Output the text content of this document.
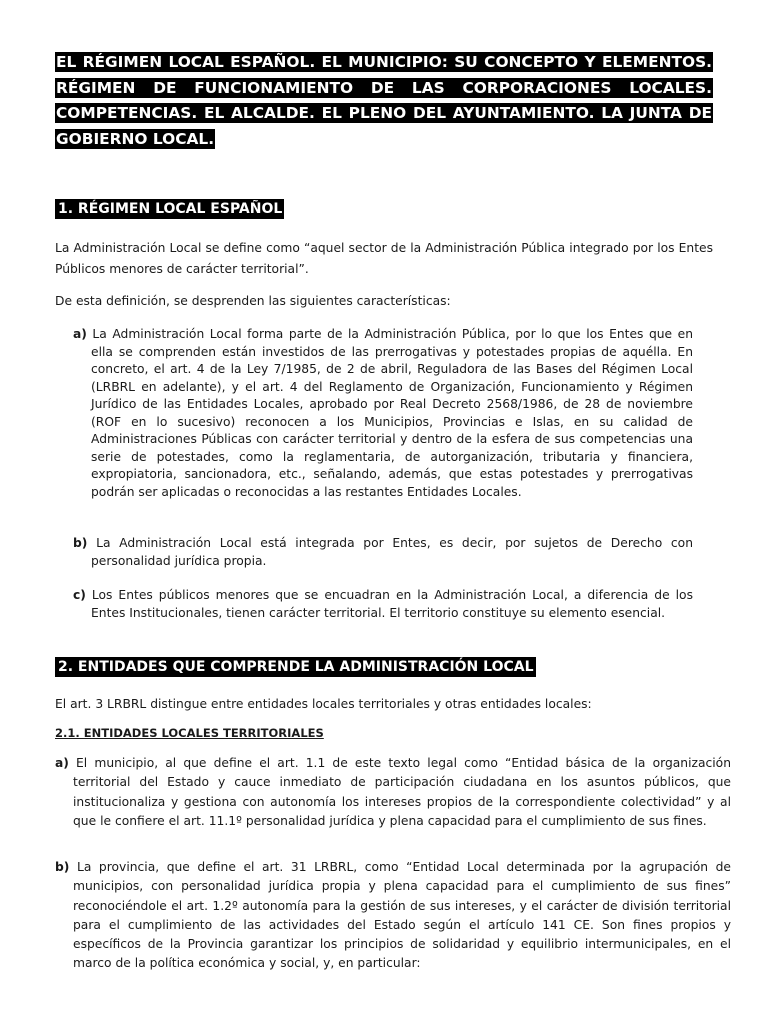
EL RÉGIMEN LOCAL ESPAÑOL. EL MUNICIPIO: SU CONCEPTO Y ELEMENTOS. RÉGIMEN DE FUNCIONAMIENTO DE LAS CORPORACIONES LOCALES. COMPETENCIAS. EL ALCALDE. EL PLENO DEL AYUNTAMIENTO. LA JUNTA DE GOBIERNO LOCAL.
1. RÉGIMEN LOCAL ESPAÑOL
La Administración Local se define como “aquel sector de la Administración Pública integrado por los Entes Públicos menores de carácter territorial”.
De esta definición, se desprenden las siguientes características:
a) La Administración Local forma parte de la Administración Pública, por lo que los Entes que en ella se comprenden están investidos de las prerrogativas y potestades propias de aquélla. En concreto, el art. 4 de la Ley 7/1985, de 2 de abril, Reguladora de las Bases del Régimen Local (LRBRL en adelante), y el art. 4 del Reglamento de Organización, Funcionamiento y Régimen Jurídico de las Entidades Locales, aprobado por Real Decreto 2568/1986, de 28 de noviembre (ROF en lo sucesivo) reconocen a los Municipios, Provincias e Islas, en su calidad de Administraciones Públicas con carácter territorial y dentro de la esfera de sus competencias una serie de potestades, como la reglamentaria, de autorganización, tributaria y financiera, expropiatoria, sancionadora, etc., señalando, además, que estas potestades y prerrogativas podrán ser aplicadas o reconocidas a las restantes Entidades Locales.
b) La Administración Local está integrada por Entes, es decir, por sujetos de Derecho con personalidad jurídica propia.
c) Los Entes públicos menores que se encuadran en la Administración Local, a diferencia de los Entes Institucionales, tienen carácter territorial. El territorio constituye su elemento esencial.
2. ENTIDADES QUE COMPRENDE LA ADMINISTRACIÓN LOCAL
El art. 3 LRBRL distingue entre entidades locales territoriales y otras entidades locales:
2.1. ENTIDADES LOCALES TERRITORIALES
a) El municipio, al que define el art. 1.1 de este texto legal como “Entidad básica de la organización territorial del Estado y cauce inmediato de participación ciudadana en los asuntos públicos, que institucionaliza y gestiona con autonomía los intereses propios de la correspondiente colectividad” y al que le confiere el art. 11.1º personalidad jurídica y plena capacidad para el cumplimiento de sus fines.
b) La provincia, que define el art. 31 LRBRL, como “Entidad Local determinada por la agrupación de municipios, con personalidad jurídica propia y plena capacidad para el cumplimiento de sus fines” reconociéndole el art. 1.2º autonomía para la gestión de sus intereses, y el carácter de división territorial para el cumplimiento de las actividades del Estado según el artículo 141 CE. Son fines propios y específicos de la Provincia garantizar los principios de solidaridad y equilibrio intermunicipales, en el marco de la política económica y social, y, en particular:
